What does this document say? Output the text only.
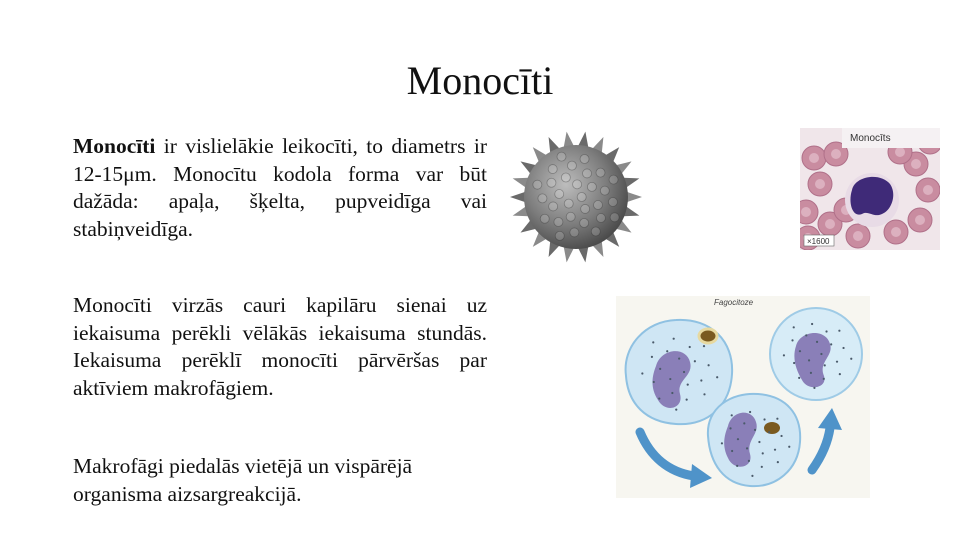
Monocīti

Monocīti ir vislielākie leikocīti, to diametrs ir 12-15μm. Monocītu kodola forma var būt dažāda: apaļa, šķelta, pupveidīga vai stabiņveidīga.

Monocīti virzās cauri kapilāru sienai uz iekaisuma perēkli vēlākās iekaisuma stundās. Iekaisuma perēklī monocīti pārvēršas par aktīviem makrofāgiem.

Makrofāgi piedalās vietējā un vispārējā organisma aizsargreakcijā.

Monocīts
×1600
Fagocitoze
